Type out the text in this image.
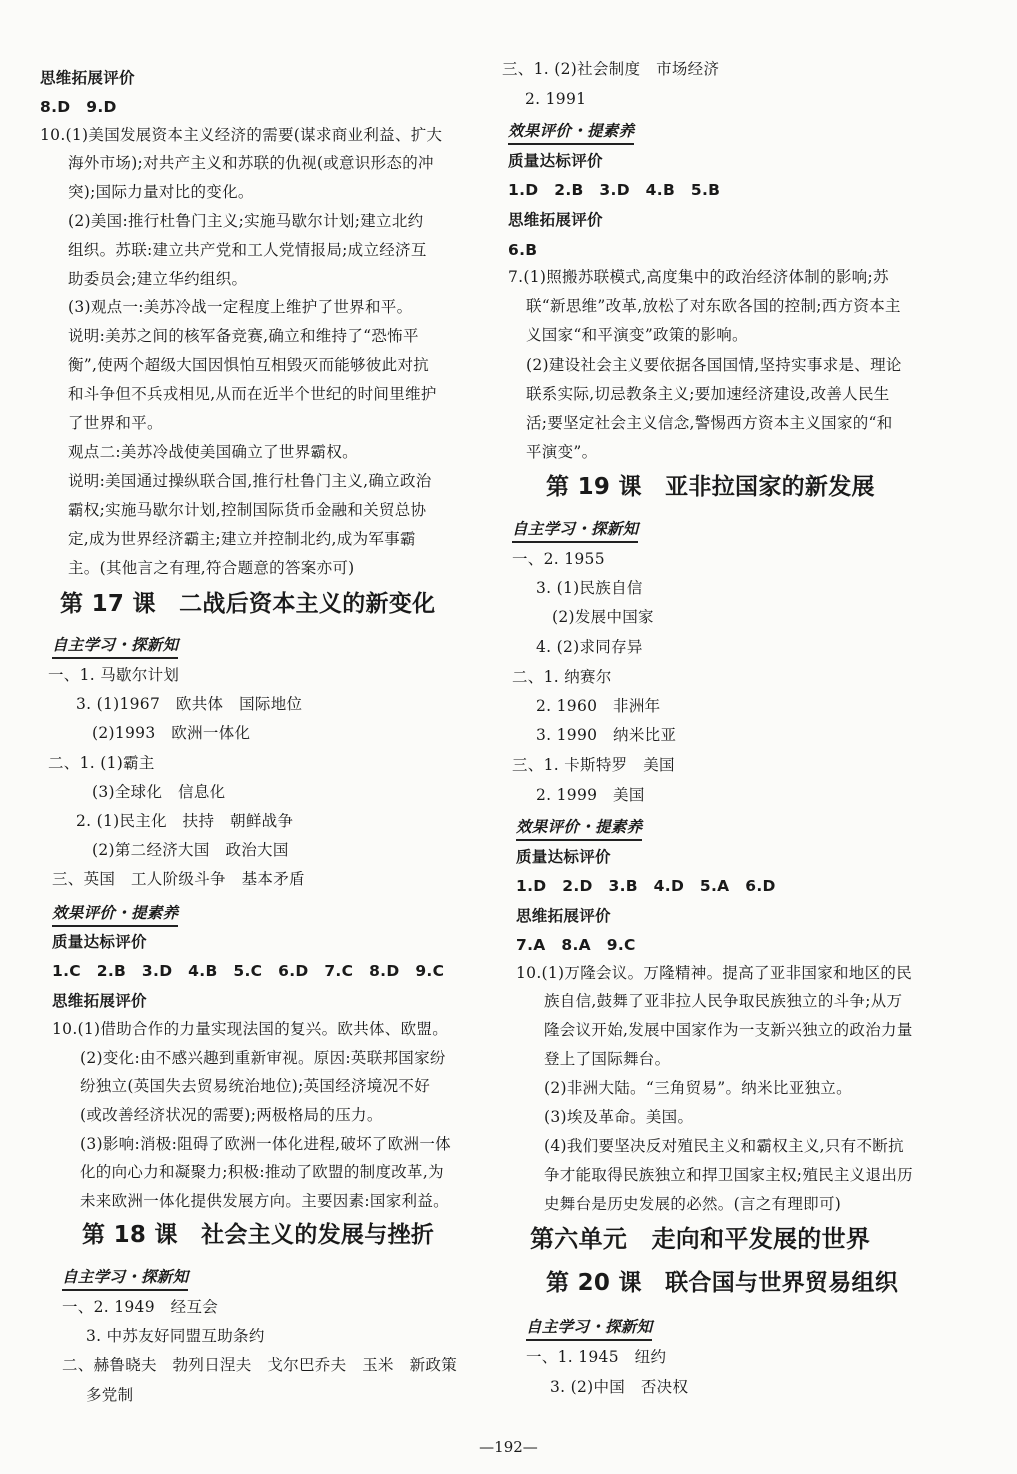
思维拓展评价
8.D　9.D
10.(1)美国发展资本主义经济的需要(谋求商业利益、扩大
海外市场);对共产主义和苏联的仇视(或意识形态的冲
突);国际力量对比的变化。
(2)美国:推行杜鲁门主义;实施马歇尔计划;建立北约
组织。苏联:建立共产党和工人党情报局;成立经济互
助委员会;建立华约组织。
(3)观点一:美苏冷战一定程度上维护了世界和平。
说明:美苏之间的核军备竞赛,确立和维持了“恐怖平
衡”,使两个超级大国因惧怕互相毁灭而能够彼此对抗
和斗争但不兵戎相见,从而在近半个世纪的时间里维护
了世界和平。
观点二:美苏冷战使美国确立了世界霸权。
说明:美国通过操纵联合国,推行杜鲁门主义,确立政治
霸权;实施马歇尔计划,控制国际货币金融和关贸总协
定,成为世界经济霸主;建立并控制北约,成为军事霸
主。(其他言之有理,符合题意的答案亦可)
第 17 课　二战后资本主义的新变化
自主学习・探新知
一、1. 马歇尔计划
3. (1)1967　欧共体　国际地位
(2)1993　欧洲一体化
二、1. (1)霸主
(3)全球化　信息化
2. (1)民主化　扶持　朝鲜战争
(2)第二经济大国　政治大国
三、英国　工人阶级斗争　基本矛盾
效果评价・提素养
质量达标评价
1.C　2.B　3.D　4.B　5.C　6.D　7.C　8.D　9.C
思维拓展评价
10.(1)借助合作的力量实现法国的复兴。欧共体、欧盟。
(2)变化:由不感兴趣到重新审视。原因:英联邦国家纷
纷独立(英国失去贸易统治地位);英国经济境况不好
(或改善经济状况的需要);两极格局的压力。
(3)影响:消极:阻碍了欧洲一体化进程,破坏了欧洲一体
化的向心力和凝聚力;积极:推动了欧盟的制度改革,为
未来欧洲一体化提供发展方向。主要因素:国家利益。
第 18 课　社会主义的发展与挫折
自主学习・探新知
一、2. 1949　经互会
3. 中苏友好同盟互助条约
二、赫鲁晓夫　勃列日涅夫　戈尔巴乔夫　玉米　新政策
多党制
三、1. (2)社会制度　市场经济
2. 1991
效果评价・提素养
质量达标评价
1.D　2.B　3.D　4.B　5.B
思维拓展评价
6.B
7.(1)照搬苏联模式,高度集中的政治经济体制的影响;苏
联“新思维”改革,放松了对东欧各国的控制;西方资本主
义国家“和平演变”政策的影响。
(2)建设社会主义要依据各国国情,坚持实事求是、理论
联系实际,切忌教条主义;要加速经济建设,改善人民生
活;要坚定社会主义信念,警惕西方资本主义国家的“和
平演变”。
第 19 课　亚非拉国家的新发展
自主学习・探新知
一、2. 1955
3. (1)民族自信
(2)发展中国家
4. (2)求同存异
二、1. 纳赛尔
2. 1960　非洲年
3. 1990　纳米比亚
三、1. 卡斯特罗　美国
2. 1999　美国
效果评价・提素养
质量达标评价
1.D　2.D　3.B　4.D　5.A　6.D
思维拓展评价
7.A　8.A　9.C
10.(1)万隆会议。万隆精神。提高了亚非国家和地区的民
族自信,鼓舞了亚非拉人民争取民族独立的斗争;从万
隆会议开始,发展中国家作为一支新兴独立的政治力量
登上了国际舞台。
(2)非洲大陆。“三角贸易”。纳米比亚独立。
(3)埃及革命。美国。
(4)我们要坚决反对殖民主义和霸权主义,只有不断抗
争才能取得民族独立和捍卫国家主权;殖民主义退出历
史舞台是历史发展的必然。(言之有理即可)
第六单元　走向和平发展的世界
第 20 课　联合国与世界贸易组织
自主学习・探新知
一、1. 1945　纽约
3. (2)中国　否决权
—192—
